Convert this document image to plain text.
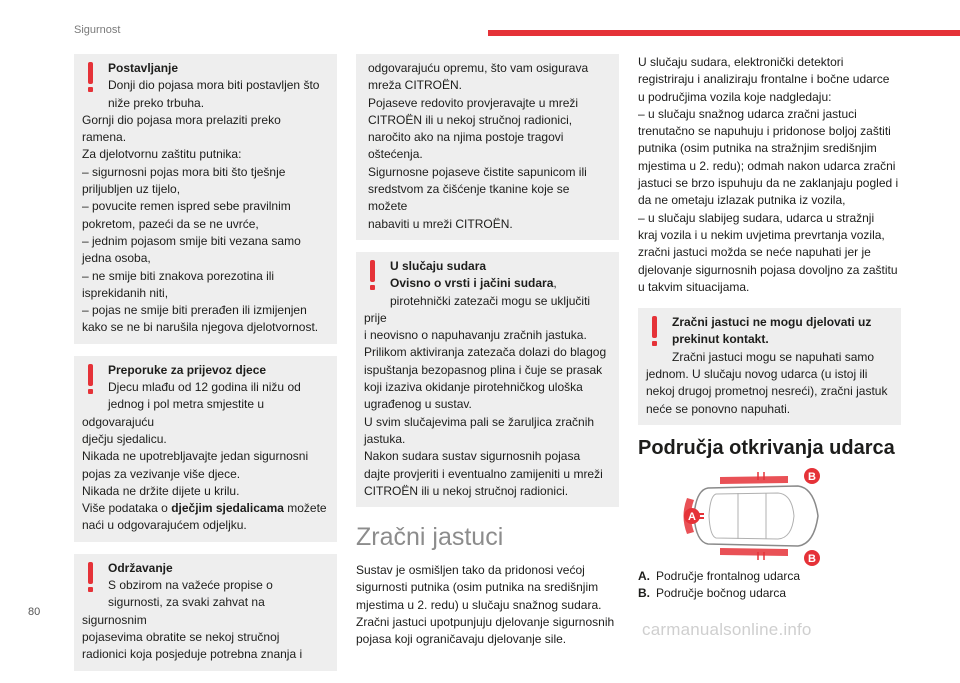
Sigurnost
Postavljanje
Donji dio pojasa mora biti postavljen što
niže preko trbuha.
Gornji dio pojasa mora prelaziti preko
ramena.
Za djelotvornu zaštitu putnika:
– sigurnosni pojas mora biti što tješnje
priljubljen uz tijelo,
– povucite remen ispred sebe pravilnim
pokretom, pazeći da se ne uvrće,
– jednim pojasom smije biti vezana samo
jedna osoba,
– ne smije biti znakova porezotina ili
isprekidanih niti,
– pojas ne smije biti prerađen ili izmijenjen
kako se ne bi narušila njegova djelotvornost.
Preporuke za prijevoz djece
Djecu mlađu od 12 godina ili nižu od
jednog i pol metra smjestite u odgovarajuću
dječju sjedalicu.
Nikada ne upotrebljavajte jedan sigurnosni
pojas za vezivanje više djece.
Nikada ne držite dijete u krilu.
Više podataka o dječjim sjedalicama možete
naći u odgovarajućem odjeljku.
Održavanje
S obzirom na važeće propise o
sigurnosti, za svaki zahvat na sigurnosnim
pojasevima obratite se nekoj stručnoj
radionici koja posjeduje potrebna znanja i
odgovarajuću opremu, što vam osigurava
mreža CITROËN.
Pojaseve redovito provjeravajte u mreži
CITROËN ili u nekoj stručnoj radionici,
naročito ako na njima postoje tragovi
oštećenja.
Sigurnosne pojaseve čistite sapunicom ili
sredstvom za čišćenje tkanine koje se možete
nabaviti u mreži CITROËN.
U slučaju sudara
Ovisno o vrsti i jačini sudara,
pirotehnički zatezači mogu se uključiti prije
i neovisno o napuhavanju zračnih jastuka.
Prilikom aktiviranja zatezača dolazi do blagog
ispuštanja bezopasnog plina i čuje se prasak
koji izaziva okidanje pirotehničkog uloška
ugrađenog u sustav.
U svim slučajevima pali se žaruljica zračnih
jastuka.
Nakon sudara sustav sigurnosnih pojasa
dajte provjeriti i eventualno zamijeniti u mreži
CITROËN ili u nekoj stručnoj radionici.
Zračni jastuci

Sustav je osmišljen tako da pridonosi većoj
sigurnosti putnika (osim putnika na središnjim
mjestima u 2. redu) u slučaju snažnog sudara.
Zračni jastuci upotpunjuju djelovanje sigurnosnih
pojasa koji ograničavaju djelovanje sile.

U slučaju sudara, elektronički detektori
registriraju i analiziraju frontalne i bočne udarce
u područjima vozila koje nadgledaju:
– u slučaju snažnog udarca zračni jastuci
trenutačno se napuhuju i pridonose boljoj zaštiti
putnika (osim putnika na stražnjim središnjim
mjestima u 2. redu); odmah nakon udarca zračni
jastuci se brzo ispuhuju da ne zaklanjaju pogled i
da ne ometaju izlazak putnika iz vozila,
– u slučaju slabijeg sudara, udarca u stražnji
kraj vozila i u nekim uvjetima prevrtanja vozila,
zračni jastuci možda se neće napuhati jer je
djelovanje sigurnosnih pojasa dovoljno za zaštitu
u takvim situacijama.

Zračni jastuci ne mogu djelovati uz
prekinut kontakt.
Zračni jastuci mogu se napuhati samo
jednom. U slučaju novog udarca (u istoj ili
nekoj drugoj prometnoj nesreći), zračni jastuk
neće se ponovno napuhati.
Područja otkrivanja udarca
B
B
A
A. Područje frontalnog udarca
B. Područje bočnog udarca
80
carmanualsonline.info
